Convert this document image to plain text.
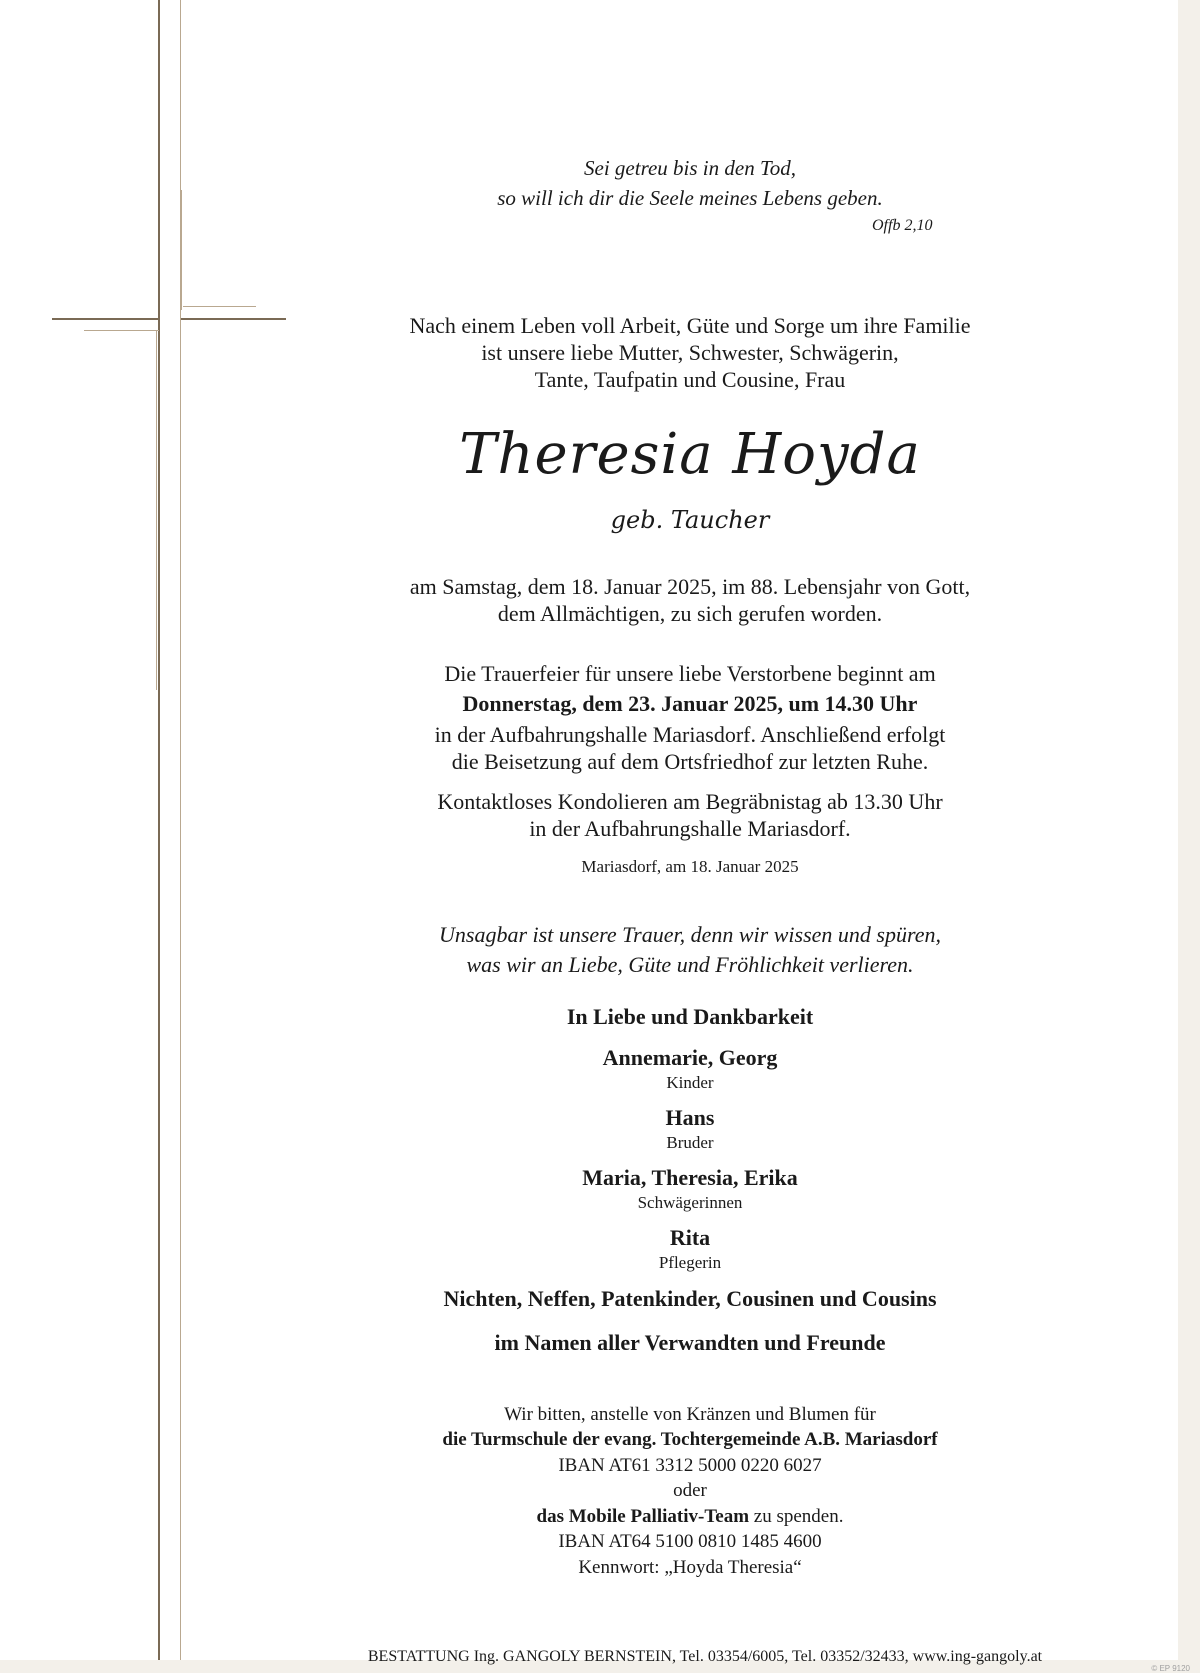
Sei getreu bis in den Tod,
so will ich dir die Seele meines Lebens geben.
Offb 2,10
Nach einem Leben voll Arbeit, Güte und Sorge um ihre Familie
ist unsere liebe Mutter, Schwester, Schwägerin,
Tante, Taufpatin und Cousine, Frau
Theresia Hoyda
geb. Taucher
am Samstag, dem 18. Januar 2025, im 88. Lebensjahr von Gott,
dem Allmächtigen, zu sich gerufen worden.
Die Trauerfeier für unsere liebe Verstorbene beginnt am
Donnerstag, dem 23. Januar 2025, um 14.30 Uhr
in der Aufbahrungshalle Mariasdorf. Anschließend erfolgt
die Beisetzung auf dem Ortsfriedhof zur letzten Ruhe.
Kontaktloses Kondolieren am Begräbnistag ab 13.30 Uhr
in der Aufbahrungshalle Mariasdorf.
Mariasdorf, am 18. Januar 2025
Unsagbar ist unsere Trauer, denn wir wissen und spüren,
was wir an Liebe, Güte und Fröhlichkeit verlieren.
In Liebe und Dankbarkeit
Annemarie, Georg
Kinder
Hans
Bruder
Maria, Theresia, Erika
Schwägerinnen
Rita
Pflegerin
Nichten, Neffen, Patenkinder, Cousinen und Cousins
im Namen aller Verwandten und Freunde
Wir bitten, anstelle von Kränzen und Blumen für
die Turmschule der evang. Tochtergemeinde A.B. Mariasdorf
IBAN AT61 3312 5000 0220 6027
oder
das Mobile Palliativ-Team zu spenden.
IBAN AT64 5100 0810 1485 4600
Kennwort: „Hoyda Theresia“
BESTATTUNG Ing. GANGOLY BERNSTEIN, Tel. 03354/6005, Tel. 03352/32433, www.ing-gangoly.at
© EP 9120
